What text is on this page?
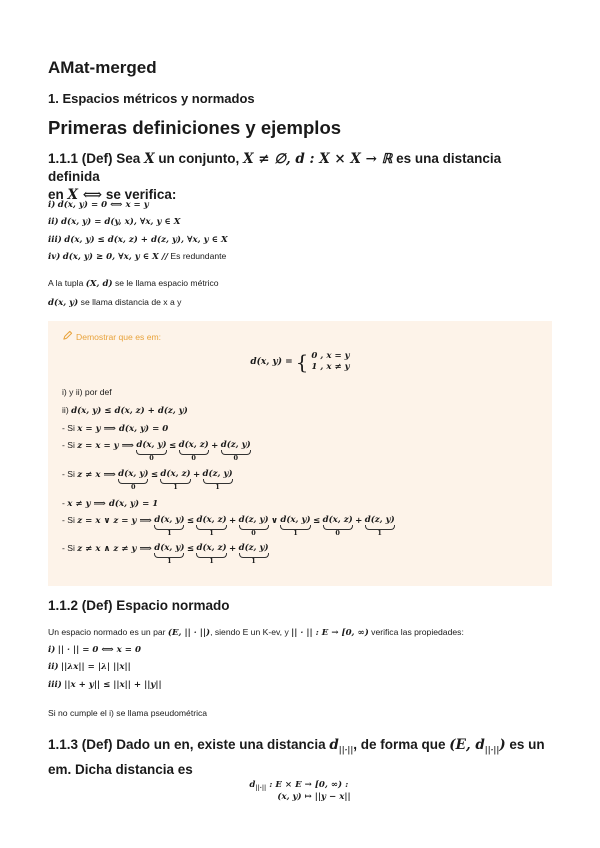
AMat-merged
1. Espacios métricos y normados
Primeras definiciones y ejemplos
1.1.1 (Def) Sea X un conjunto, X ≠ ∅, d : X × X → ℝ es una distancia definida
en X ⟺ se verifica:
i) d(x, y) = 0 ⟺ x = y
ii) d(x, y) = d(y, x), ∀x, y ∈ X
iii) d(x, y) ≤ d(x, z) + d(z, y), ∀x, y ∈ X
iv) d(x, y) ≥ 0, ∀x, y ∈ X // Es redundante
A la tupla (X, d) se le llama espacio métrico
d(x, y) se llama distancia de x a y
Demostrar que es em:
d(x, y) = { 0 , x = y
1 , x ≠ y
i) y ii) por def
ii) d(x, y) ≤ d(x, z) + d(z, y)
- Si x = y ⟹ d(x, y) = 0
- Si z = x = y ⟹ d(x, y)
0
≤ d(x, z)
0
+ d(z, y)
0
- Si z ≠ x ⟹ d(x, y)
0
≤ d(x, z)
1
+ d(z, y)
1
- x ≠ y ⟹ d(x, y) = 1
- Si z = x ∨ z = y ⟹ d(x, y)
1
≤ d(x, z)
1
+ d(z, y)
0
∨ d(x, y)
1
≤ d(x, z)
0
+ d(z, y)
1
- Si z ≠ x ∧ z ≠ y ⟹ d(x, y)
1
≤ d(x, z)
1
+ d(z, y)
1
1.1.2 (Def) Espacio normado
Un espacio normado es un par (E, || · ||), siendo E un K-ev, y || · || : E → [0, ∞) verifica las propiedades:
i) || · || = 0 ⟺ x = 0
ii) ||λx|| = |λ| ||x||
iii) ||x + y|| ≤ ||x|| + ||y||
Si no cumple el i) se llama pseudométrica
1.1.3 (Def) Dado un en, existe una distancia $d_{||\cdot||}$, de forma que (E, $d_{||\cdot||}$) es un
em. Dicha distancia es
$d_{||\cdot||}$ : E × E → [0, ∞) :
(x, y) ↦ ||y − x||
